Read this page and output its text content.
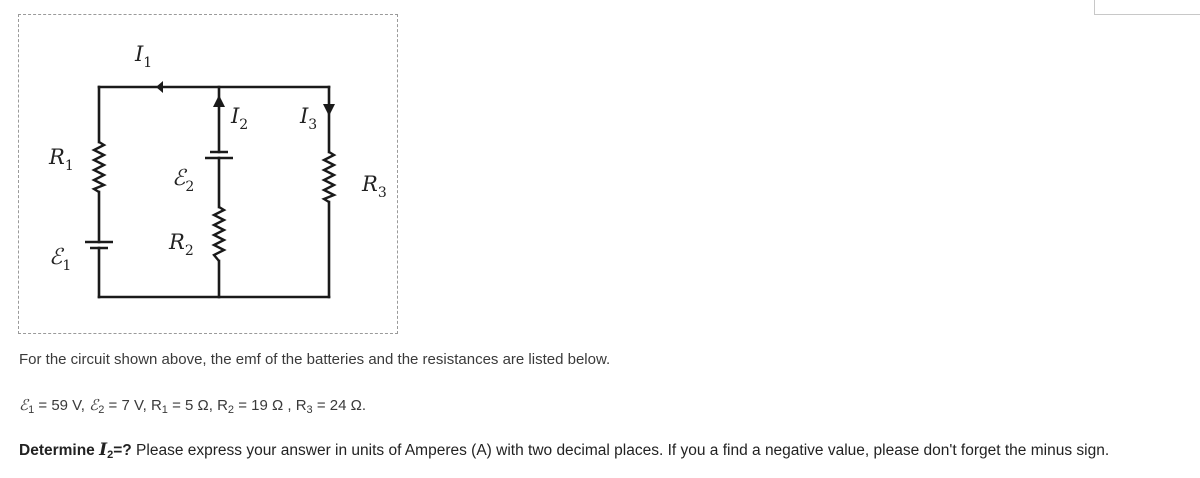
$I_1$
$I_2$ $I_3$
$R_1$
$R_2$
$R_3$
ℰ$_1$
ℰ$_2$
For the circuit shown above, the emf of the batteries and the resistances are listed below.
ℰ$_1$ = 59 V, ℰ$_2$ = 7 V, $R_1 = 5$ Ω, $R_2 = 19$ Ω , $R_3 = 24$ Ω.
Determine $I_2=$? Please express your answer in units of Amperes (A) with two decimal places. If you a find a negative value, please don't forget the minus sign.
